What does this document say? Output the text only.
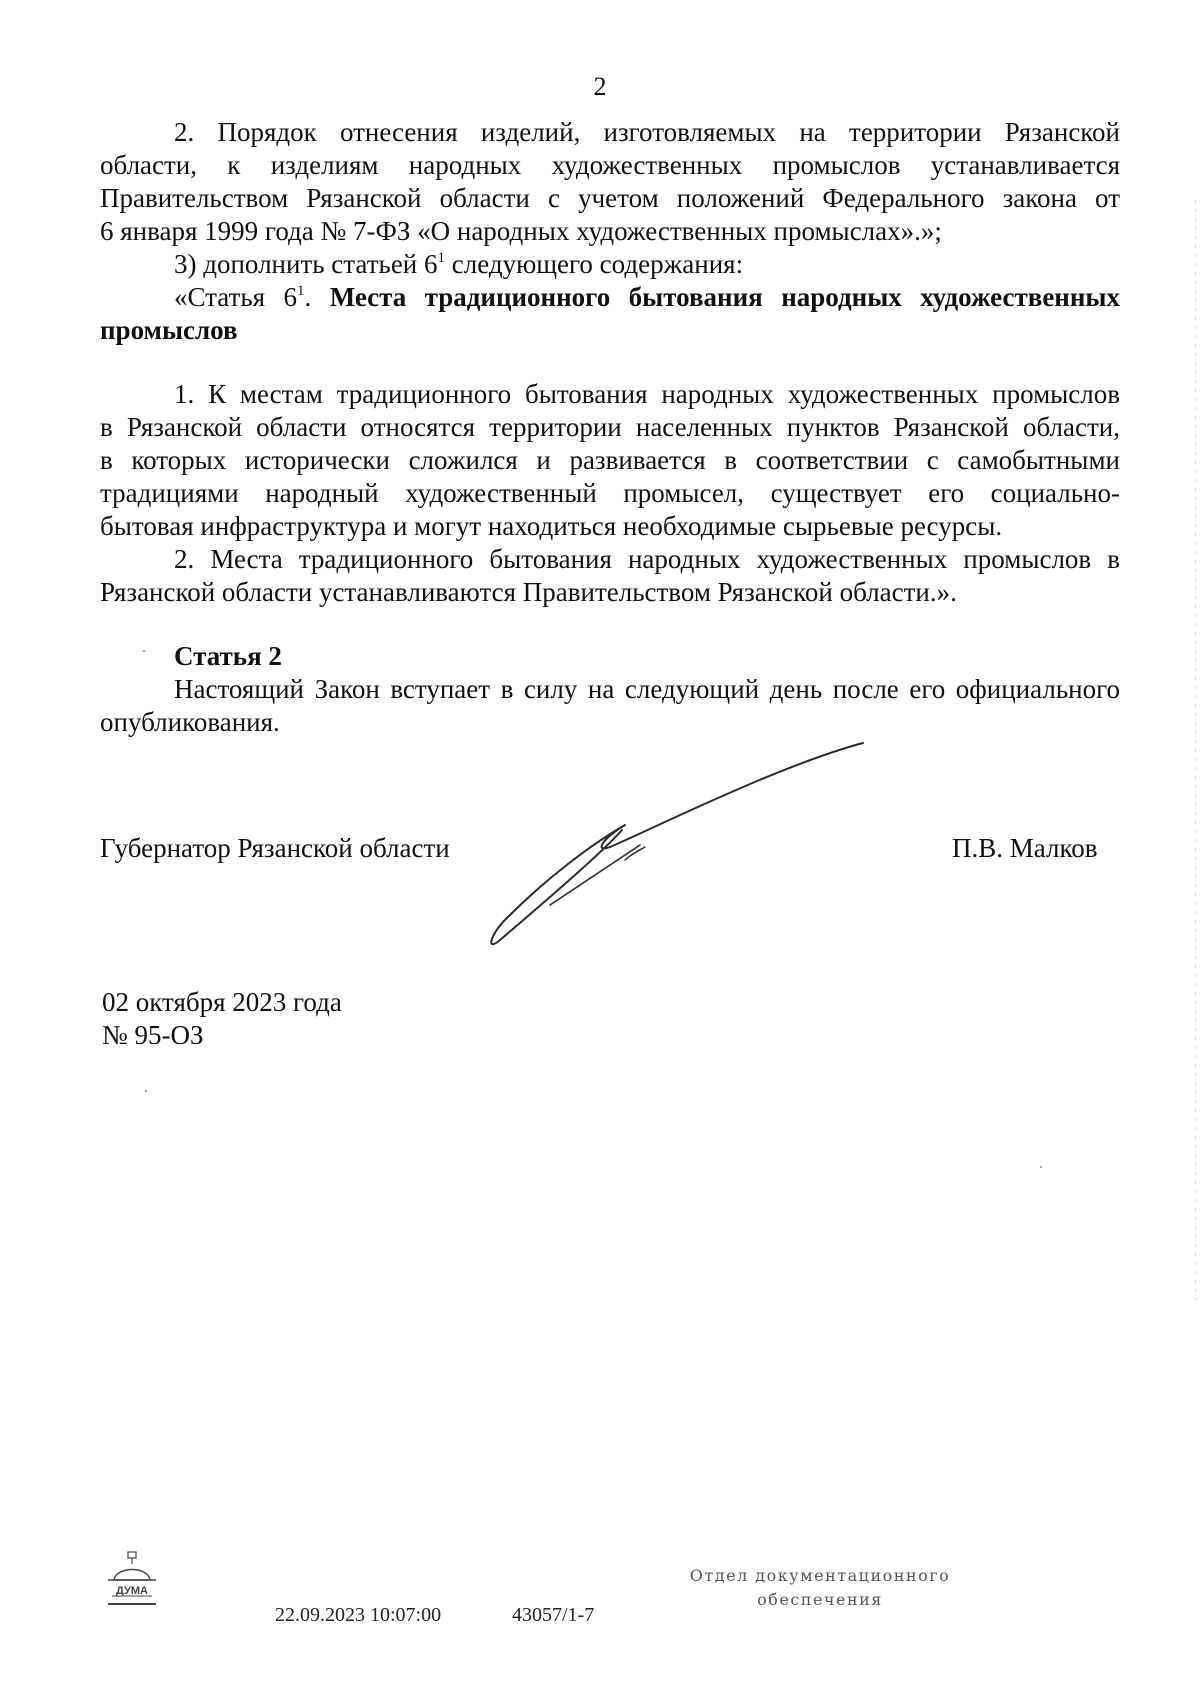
2
2. Порядок отнесения изделий, изготовляемых на территории Рязанской
области, к изделиям народных художественных промыслов устанавливается
Правительством Рязанской области с учетом положений Федерального закона от
6 января 1999 года № 7-ФЗ «О народных художественных промыслах».»;
3) дополнить статьей $6^1$ следующего содержания:
«Статья $6^1$. Места традиционного бытования народных художественных
промыслов
1. К местам традиционного бытования народных художественных промыслов
в Рязанской области относятся территории населенных пунктов Рязанской области,
в которых исторически сложился и развивается в соответствии с самобытными
традициями народный художественный промысел, существует его социально-
бытовая инфраструктура и могут находиться необходимые сырьевые ресурсы.
2. Места традиционного бытования народных художественных промыслов в
Рязанской области устанавливаются Правительством Рязанской области.».
Статья 2
Настоящий Закон вступает в силу на следующий день после его официального
опубликования.
Губернатор Рязанской области	П.В. Малков
02 октября 2023 года
№ 95-ОЗ
ДУМА
22.09.2023 10:07:00	43057/1-7
Отдел документационного
обеспечения
